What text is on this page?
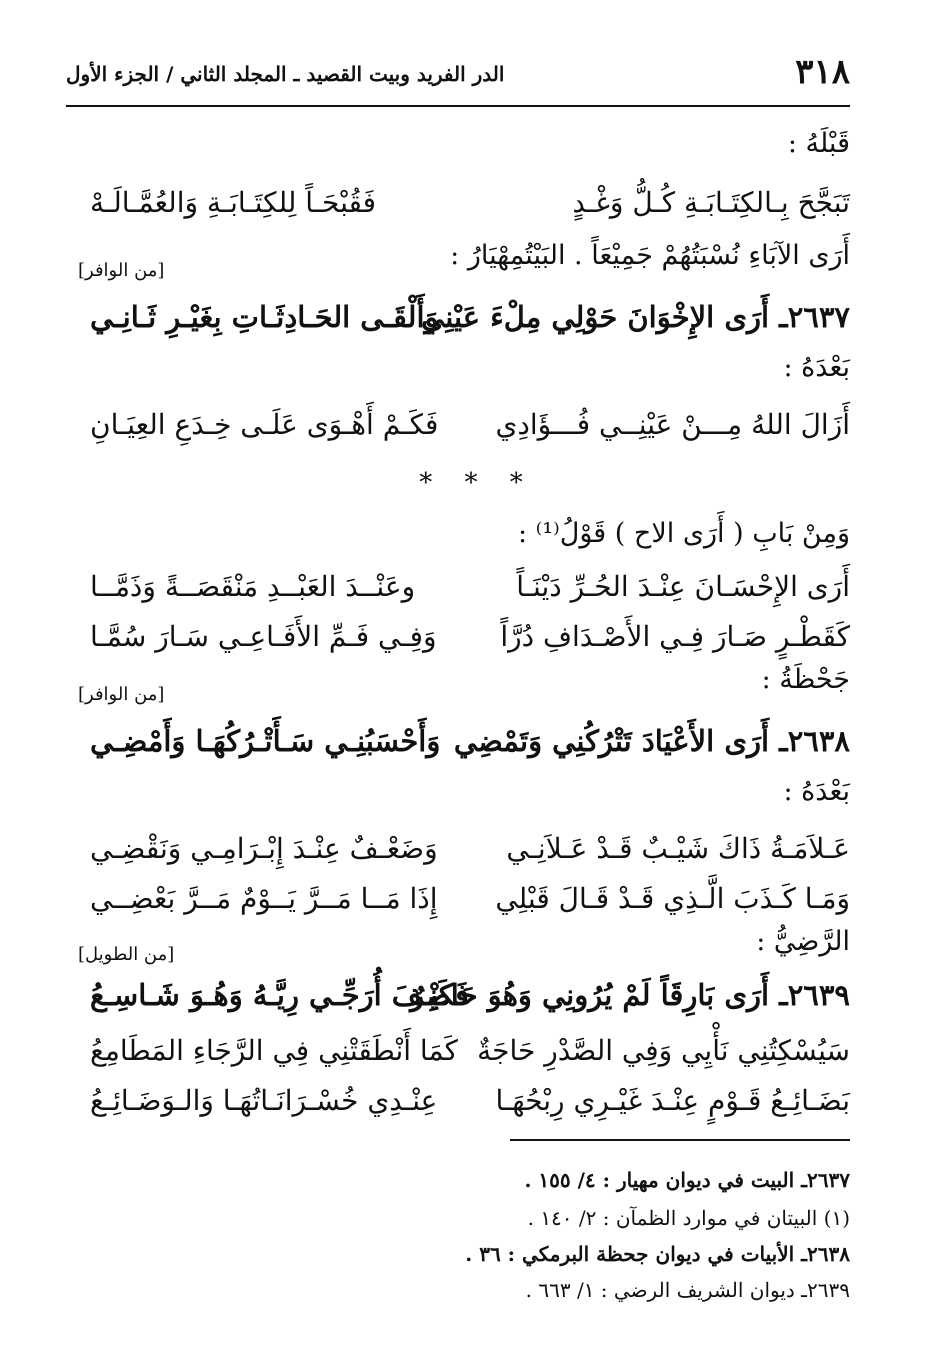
٣١٨
الدر الفريد وبيت القصيد ـ المجلد الثاني / الجزء الأول
قَبْلَهُ :
تَبَجَّحَ بِـالكِتَـابَـةِ كُـلُّ وَغْـدٍ
فَقُبْحَـاً لِلكِتَـابَـةِ وَالعُمَّـالَـهْ
أَرَى الآبَاءِ نُسْبَتُهُمْ جَمِيْعَاً . البَيْتُمِهْيَارُ :
[من الوافر]
٢٦٣٧ـ أَرَى الإِخْوَانَ حَوْلِي مِلْءَ عَيْنِي
وَأَلْقَـى الحَـادِثَـاتِ بِغَيْـرِ ثَـانِـي
بَعْدَهُ :
أَزَالَ اللهُ مِـــنْ عَيْنِــي فُـــؤَادِي
فَكَـمْ أَهْـوَى عَلَـى خِـدَعِ العِيَـانِ
* * *
وَمِنْ بَابِ ( أَرَى الاح ) قَوْلُ⁽¹⁾ :
أَرَى الإِحْسَـانَ عِنْـدَ الحُـرِّ دَيْنَـاً
وعَنْــدَ العَبْــدِ مَنْقَصَــةً وَذَمَّــا
كَقَطْـرٍ صَـارَ فِـي الأَصْـدَافِ دُرَّاً
وَفِـي فَـمِّ الأَفَـاعِـي سَـارَ سُمَّـا
جَحْظَةُ :
[من الوافر]
٢٦٣٨ـ أَرَى الأَعْيَادَ تَتْرُكُنِي وَتَمْضِي
وَأَحْسَبُنِـي سَـأَتْـرُكُهَـا وَأَمْضِـي
بَعْدَهُ :
عَـلاَمَـةُ ذَاكَ شَيْـبٌ قَـدْ عَـلاَنِـي
وَضَعْـفٌ عِنْـدَ إِبْـرَامِـي وَنَقْضِـي
وَمَـا كَـذَبَ الَّـذِي قَـدْ قَـالَ قَبْلِي
إِذَا مَــا مَــرَّ يَــوْمٌ مَــرَّ بَعْضِــي
الرَّضِيُّ :
[من الطويل]
٢٦٣٩ـ أَرَى بَارِقَاً لَمْ يُرُونِي وَهُوَ حَاضِرٌ
فَكَيْـفَ أُرَجِّـي رِيَّـهُ وَهُـوَ شَـاسِـعُ
سَيُسْكِتُنِي نَأْيِي وَفِي الصَّدْرِ حَاجَةٌ
كَمَا أَنْطَقَتْنِي فِي الرَّجَاءِ المَطَامِعُ
بَضَـائِـعُ قَـوْمٍ عِنْـدَ غَيْـرِي رِبْحُهَـا
عِنْـدِي خُسْـرَانَـاتُهَـا وَالـوَضَـائِـعُ
٢٦٣٧ـ البيت في ديوان مهيار : ٤/ ١٥٥ .
(١) البيتان في موارد الظمآن : ٢/ ١٤٠ .
٢٦٣٨ـ الأبيات في ديوان جحظة البرمكي : ٣٦ .
٢٦٣٩ـ ديوان الشريف الرضي : ١/ ٦٦٣ .
